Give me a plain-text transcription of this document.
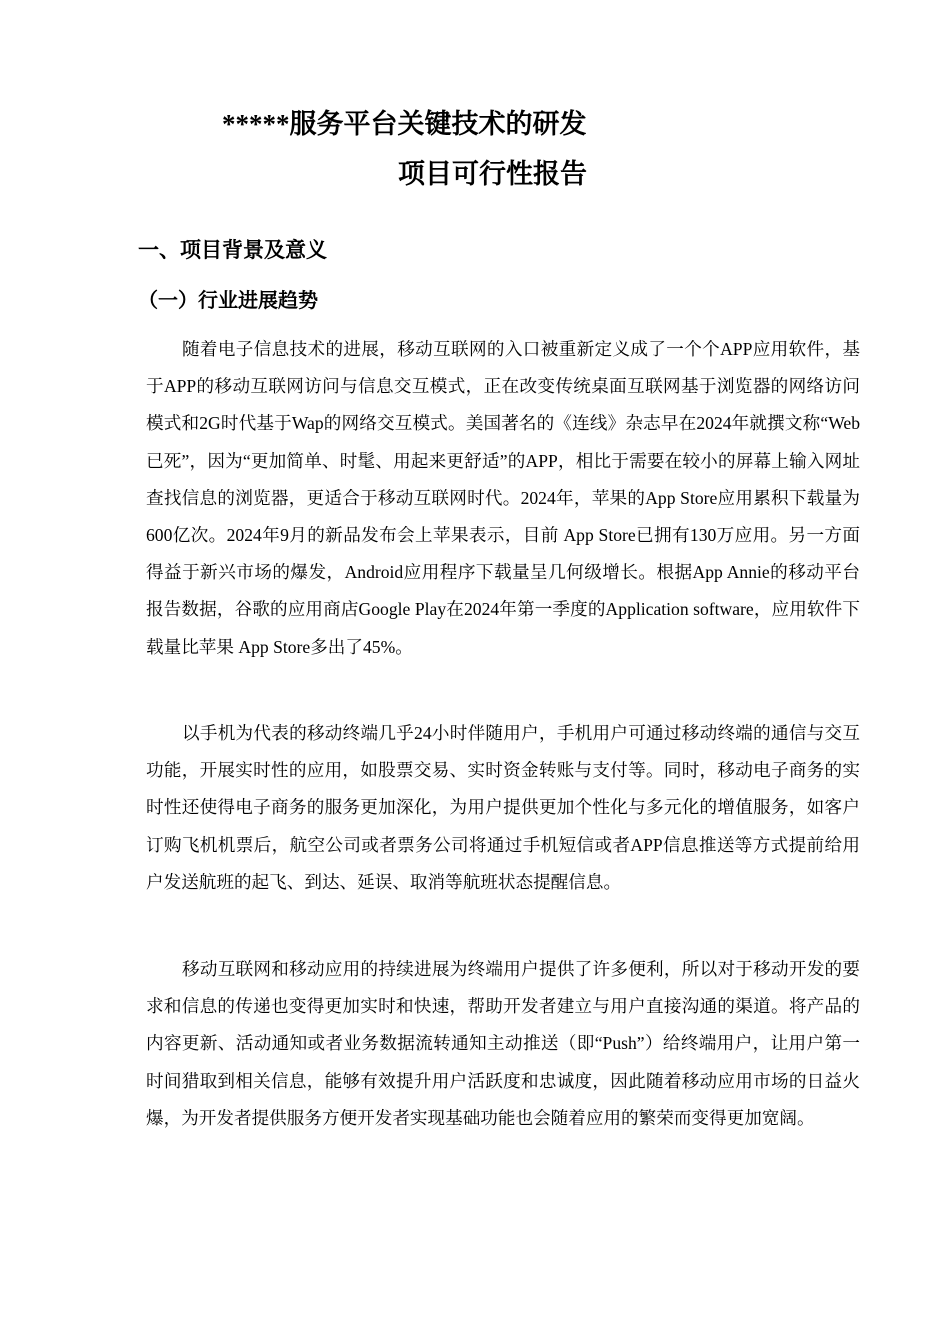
*****服务平台关键技术的研发
项目可行性报告
一、项目背景及意义
（一）行业进展趋势

随着电子信息技术的进展，移动互联网的入口被重新定义成了一个个APP应用软件，基于APP的移动互联网访问与信息交互模式，正在改变传统桌面互联网基于浏览器的网络访问模式和2G时代基于Wap的网络交互模式。美国著名的《连线》杂志早在2024年就撰文称“Web已死”，因为“更加简单、时髦、用起来更舒适”的APP，相比于需要在较小的屏幕上输入网址查找信息的浏览器，更适合于移动互联网时代。2024年，苹果的App Store应用累积下载量为600亿次。2024年9月的新品发布会上苹果表示，目前 App Store已拥有130万应用。另一方面得益于新兴市场的爆发，Android应用程序下载量呈几何级增长。根据App Annie的移动平台报告数据，谷歌的应用商店Google Play在2024年第一季度的Application software，应用软件下载量比苹果 App Store多出了45%。

以手机为代表的移动终端几乎24小时伴随用户，手机用户可通过移动终端的通信与交互功能，开展实时性的应用，如股票交易、实时资金转账与支付等。同时，移动电子商务的实时性还使得电子商务的服务更加深化，为用户提供更加个性化与多元化的增值服务，如客户订购飞机机票后，航空公司或者票务公司将通过手机短信或者APP信息推送等方式提前给用户发送航班的起飞、到达、延误、取消等航班状态提醒信息。

移动互联网和移动应用的持续进展为终端用户提供了许多便利，所以对于移动开发的要求和信息的传递也变得更加实时和快速，帮助开发者建立与用户直接沟通的渠道。将产品的内容更新、活动通知或者业务数据流转通知主动推送（即“Push”）给终端用户，让用户第一时间猎取到相关信息，能够有效提升用户活跃度和忠诚度，因此随着移动应用市场的日益火爆，为开发者提供服务方便开发者实现基础功能也会随着应用的繁荣而变得更加宽阔。
